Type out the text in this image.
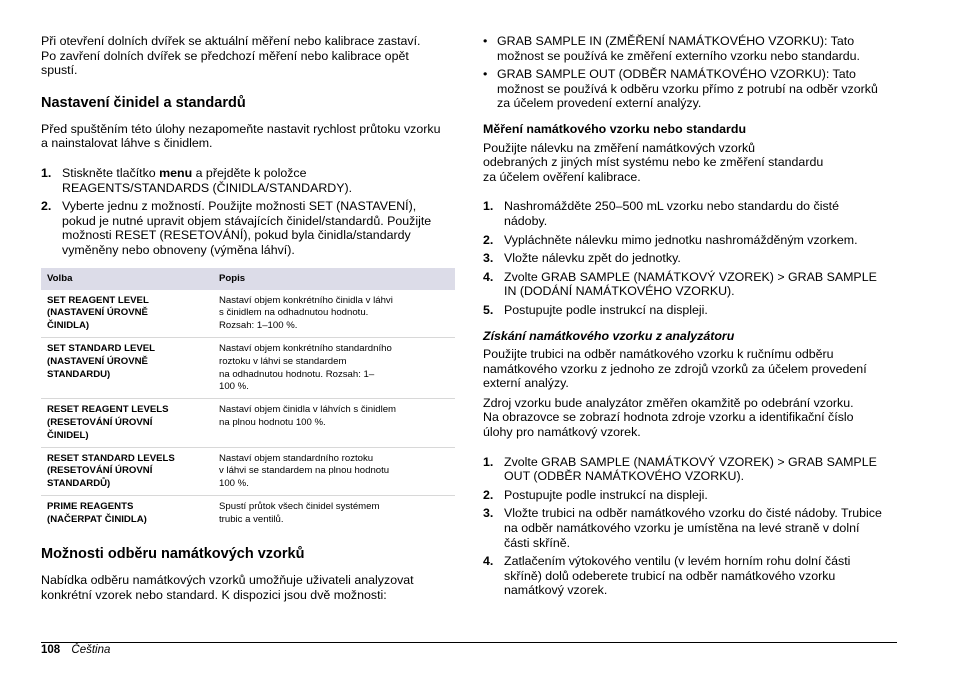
Při otevření dolních dvířek se aktuální měření nebo kalibrace zastaví.
Po zavření dolních dvířek se předchozí měření nebo kalibrace opět
spustí.

Nastavení činidel a standardů

Před spuštěním této úlohy nezapomeňte nastavit rychlost průtoku vzorku
a nainstalovat láhve s činidlem.

1. Stiskněte tlačítko menu a přejděte k položce
REAGENTS/STANDARDS (ČINIDLA/STANDARDY).
2. Vyberte jednu z možností. Použijte možnosti SET (NASTAVENÍ),
pokud je nutné upravit objem stávajících činidel/standardů. Použijte
možnosti RESET (RESETOVÁNÍ), pokud byla činidla/standardy
vyměněny nebo obnoveny (výměna láhví).
Volba	Popis
SET REAGENT LEVEL
(NASTAVENÍ ÚROVNĚ
ČINIDLA)	Nastaví objem konkrétního činidla v láhvi
s činidlem na odhadnutou hodnotu.
Rozsah: 1–100 %.
SET STANDARD LEVEL
(NASTAVENÍ ÚROVNĚ
STANDARDU)	Nastaví objem konkrétního standardního
roztoku v láhvi se standardem
na odhadnutou hodnotu. Rozsah: 1–
100 %.
RESET REAGENT LEVELS
(RESETOVÁNÍ ÚROVNÍ
ČINIDEL)	Nastaví objem činidla v láhvích s činidlem
na plnou hodnotu 100 %.
RESET STANDARD LEVELS
(RESETOVÁNÍ ÚROVNÍ
STANDARDŮ)	Nastaví objem standardního roztoku
v láhvi se standardem na plnou hodnotu
100 %.
PRIME REAGENTS
(NAČERPAT ČINIDLA)	Spustí průtok všech činidel systémem
trubic a ventilů.
Možnosti odběru namátkových vzorků

Nabídka odběru namátkových vzorků umožňuje uživateli analyzovat
konkrétní vzorek nebo standard. K dispozici jsou dvě možnosti:

• GRAB SAMPLE IN (ZMĚŘENÍ NAMÁTKOVÉHO VZORKU): Tato
možnost se používá ke změření externího vzorku nebo standardu.
• GRAB SAMPLE OUT (ODBĚR NAMÁTKOVÉHO VZORKU): Tato
možnost se používá k odběru vzorku přímo z potrubí na odběr vzorků
za účelem provedení externí analýzy.
Měření namátkového vzorku nebo standardu

Použijte nálevku na změření namátkových vzorků
odebraných z jiných míst systému nebo ke změření standardu
za účelem ověření kalibrace.

1. Nashromážděte 250–500 mL vzorku nebo standardu do čisté
nádoby.
2. Vypláchněte nálevku mimo jednotku nashromážděným vzorkem.
3. Vložte nálevku zpět do jednotky.
4. Zvolte GRAB SAMPLE (NAMÁTKOVÝ VZOREK) > GRAB SAMPLE
IN (DODÁNÍ NAMÁTKOVÉHO VZORKU).
5. Postupujte podle instrukcí na displeji.
Získání namátkového vzorku z analyzátoru

Použijte trubici na odběr namátkového vzorku k ručnímu odběru
namátkového vzorku z jednoho ze zdrojů vzorků za účelem provedení
externí analýzy.

Zdroj vzorku bude analyzátor změřen okamžitě po odebrání vzorku.
Na obrazovce se zobrazí hodnota zdroje vzorku a identifikační číslo
úlohy pro namátkový vzorek.

1. Zvolte GRAB SAMPLE (NAMÁTKOVÝ VZOREK) > GRAB SAMPLE
OUT (ODBĚR NAMÁTKOVÉHO VZORKU).
2. Postupujte podle instrukcí na displeji.
3. Vložte trubici na odběr namátkového vzorku do čisté nádoby. Trubice
na odběr namátkového vzorku je umístěna na levé straně v dolní
části skříně.
4. Zatlačením výtokového ventilu (v levém horním rohu dolní části
skříně) dolů odeberete trubicí na odběr namátkového vzorku
namátkový vzorek.
108 Čeština
